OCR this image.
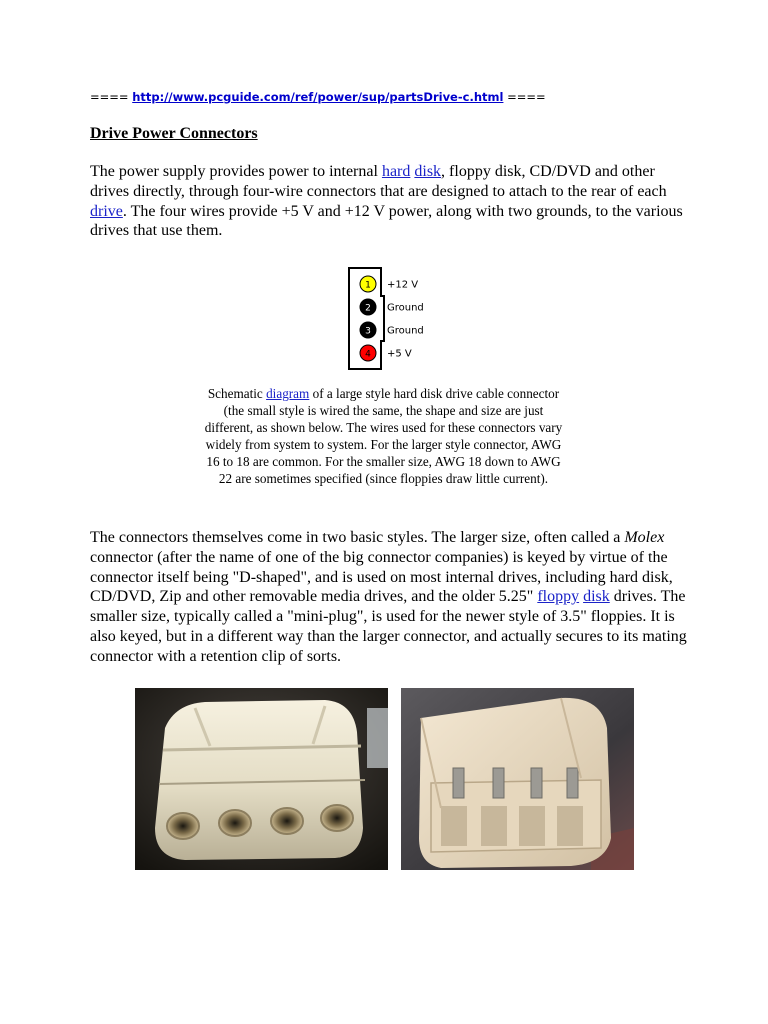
==== http://www.pcguide.com/ref/power/sup/partsDrive-c.html ====
Drive Power Connectors
The power supply provides power to internal hard disk, floppy disk, CD/DVD and other drives directly, through four-wire connectors that are designed to attach to the rear of each drive. The four wires provide +5 V and +12 V power, along with two grounds, to the various drives that use them.
1 +12 V
2 Ground
3 Ground
4 +5 V
Schematic diagram of a large style hard disk drive cable connector (the small style is wired the same, the shape and size are just different, as shown below. The wires used for these connectors vary widely from system to system. For the larger style connector, AWG 16 to 18 are common. For the smaller size, AWG 18 down to AWG 22 are sometimes specified (since floppies draw little current).
The connectors themselves come in two basic styles. The larger size, often called a Molex connector (after the name of one of the big connector companies) is keyed by virtue of the connector itself being "D-shaped", and is used on most internal drives, including hard disk, CD/DVD, Zip and other removable media drives, and the older 5.25" floppy disk drives. The smaller size, typically called a "mini-plug", is used for the newer style of 3.5" floppies. It is also keyed, but in a different way than the larger connector, and actually secures to its mating connector with a retention clip of sorts.
